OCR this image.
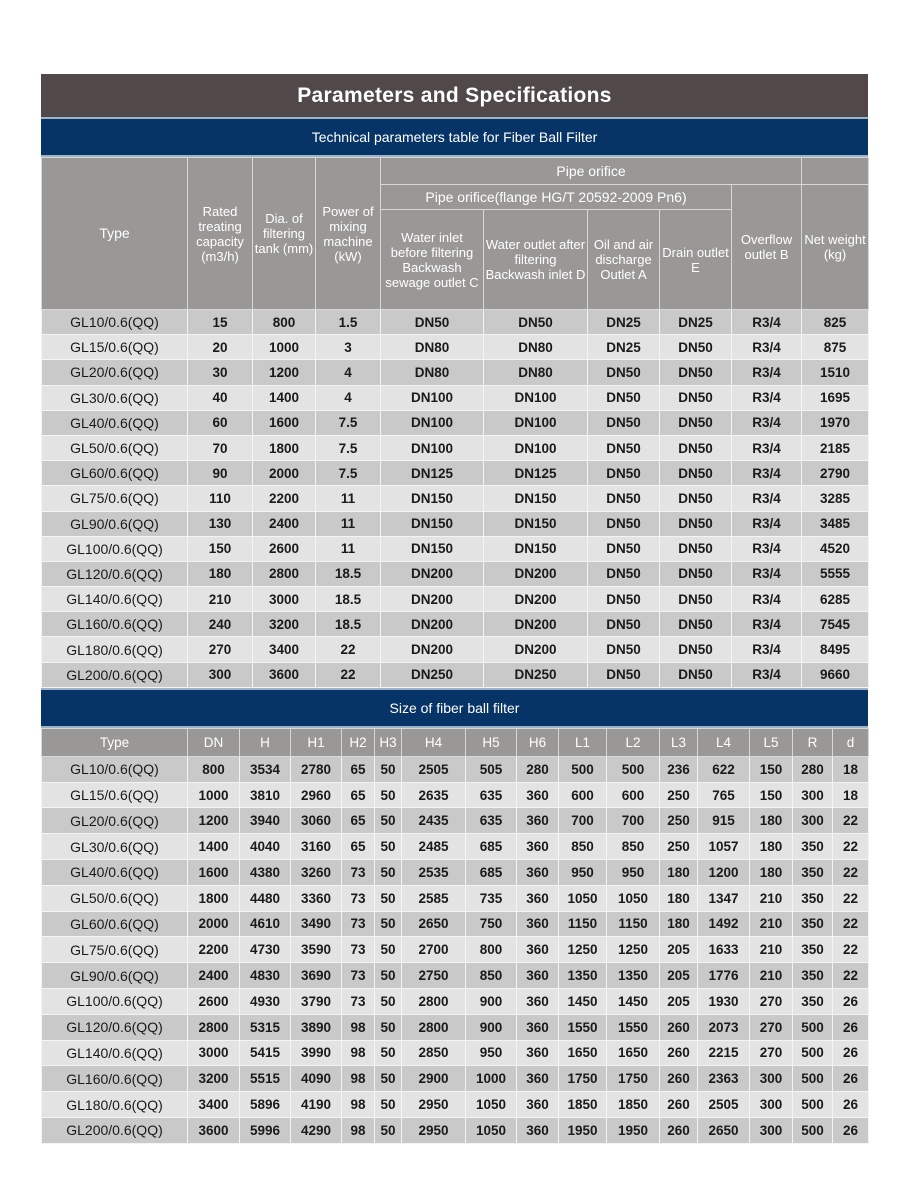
Parameters and Specifications
Technical parameters table for Fiber Ball Filter
Type	Rated treating capacity (m3/h)	Dia. of filtering tank (mm)	Power of mixing machine (kW)	Pipe orifice					
				Pipe orifice(flange HG/T 20592-2009 Pn6)				Overflow outlet B	Net weight (kg)
				Water inlet before filtering Backwash sewage outlet C	Water outlet after filtering Backwash inlet D	Oil and air discharge Outlet A	Drain outlet E		
GL10/0.6(QQ)	15	800	1.5	DN50	DN50	DN25	DN25	R3/4	825
GL15/0.6(QQ)	20	1000	3	DN80	DN80	DN25	DN50	R3/4	875
GL20/0.6(QQ)	30	1200	4	DN80	DN80	DN50	DN50	R3/4	1510
GL30/0.6(QQ)	40	1400	4	DN100	DN100	DN50	DN50	R3/4	1695
GL40/0.6(QQ)	60	1600	7.5	DN100	DN100	DN50	DN50	R3/4	1970
GL50/0.6(QQ)	70	1800	7.5	DN100	DN100	DN50	DN50	R3/4	2185
GL60/0.6(QQ)	90	2000	7.5	DN125	DN125	DN50	DN50	R3/4	2790
GL75/0.6(QQ)	110	2200	11	DN150	DN150	DN50	DN50	R3/4	3285
GL90/0.6(QQ)	130	2400	11	DN150	DN150	DN50	DN50	R3/4	3485
GL100/0.6(QQ)	150	2600	11	DN150	DN150	DN50	DN50	R3/4	4520
GL120/0.6(QQ)	180	2800	18.5	DN200	DN200	DN50	DN50	R3/4	5555
GL140/0.6(QQ)	210	3000	18.5	DN200	DN200	DN50	DN50	R3/4	6285
GL160/0.6(QQ)	240	3200	18.5	DN200	DN200	DN50	DN50	R3/4	7545
GL180/0.6(QQ)	270	3400	22	DN200	DN200	DN50	DN50	R3/4	8495
GL200/0.6(QQ)	300	3600	22	DN250	DN250	DN50	DN50	R3/4	9660
Size of fiber ball filter
Type	DN	H	H1	H2	H3	H4	H5	H6	L1	L2	L3	L4	L5	R	d
GL10/0.6(QQ)	800	3534	2780	65	50	2505	505	280	500	500	236	622	150	280	18
GL15/0.6(QQ)	1000	3810	2960	65	50	2635	635	360	600	600	250	765	150	300	18
GL20/0.6(QQ)	1200	3940	3060	65	50	2435	635	360	700	700	250	915	180	300	22
GL30/0.6(QQ)	1400	4040	3160	65	50	2485	685	360	850	850	250	1057	180	350	22
GL40/0.6(QQ)	1600	4380	3260	73	50	2535	685	360	950	950	180	1200	180	350	22
GL50/0.6(QQ)	1800	4480	3360	73	50	2585	735	360	1050	1050	180	1347	210	350	22
GL60/0.6(QQ)	2000	4610	3490	73	50	2650	750	360	1150	1150	180	1492	210	350	22
GL75/0.6(QQ)	2200	4730	3590	73	50	2700	800	360	1250	1250	205	1633	210	350	22
GL90/0.6(QQ)	2400	4830	3690	73	50	2750	850	360	1350	1350	205	1776	210	350	22
GL100/0.6(QQ)	2600	4930	3790	73	50	2800	900	360	1450	1450	205	1930	270	350	26
GL120/0.6(QQ)	2800	5315	3890	98	50	2800	900	360	1550	1550	260	2073	270	500	26
GL140/0.6(QQ)	3000	5415	3990	98	50	2850	950	360	1650	1650	260	2215	270	500	26
GL160/0.6(QQ)	3200	5515	4090	98	50	2900	1000	360	1750	1750	260	2363	300	500	26
GL180/0.6(QQ)	3400	5896	4190	98	50	2950	1050	360	1850	1850	260	2505	300	500	26
GL200/0.6(QQ)	3600	5996	4290	98	50	2950	1050	360	1950	1950	260	2650	300	500	26
